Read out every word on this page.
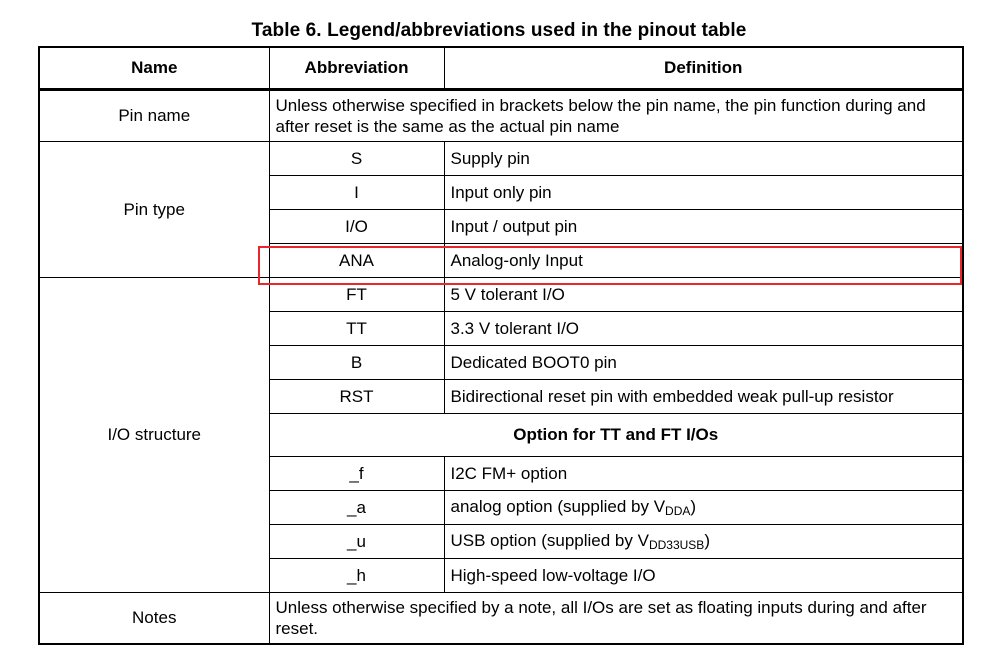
Table 6. Legend/abbreviations used in the pinout table
Name	Abbreviation	Definition
Pin name	Unless otherwise specified in brackets below the pin name, the pin function during and after reset is the same as the actual pin name	
Pin type	S	Supply pin
	I	Input only pin
	I/O	Input / output pin
	ANA	Analog-only Input
I/O structure	FT	5 V tolerant I/O
	TT	3.3 V tolerant I/O
	B	Dedicated BOOT0 pin
	RST	Bidirectional reset pin with embedded weak pull-up resistor
	Option for TT and FT I/Os	
	_f	I2C FM+ option
	_a	analog option (supplied by $V_{DDA}$)
	_u	USB option (supplied by $V_{DD33USB}$)
	_h	High-speed low-voltage I/O
Notes	Unless otherwise specified by a note, all I/Os are set as floating inputs during and after reset.	
